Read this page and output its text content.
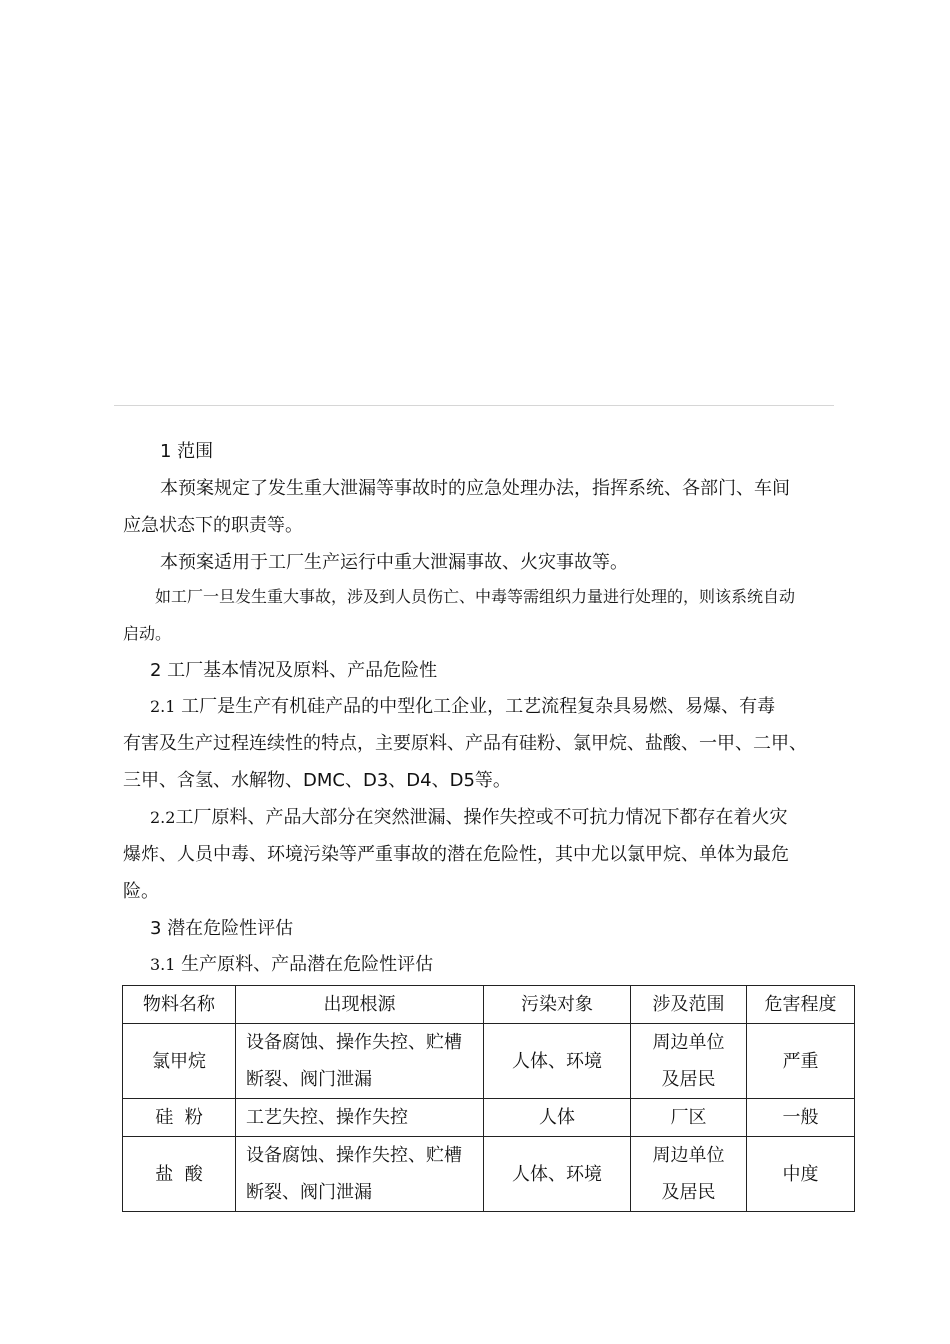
1 范围
本预案规定了发生重大泄漏等事故时的应急处理办法，指挥系统、各部门、车间
应急状态下的职责等。
本预案适用于工厂生产运行中重大泄漏事故、火灾事故等。
如工厂一旦发生重大事故，涉及到人员伤亡、中毒等需组织力量进行处理的，则该系统自动
启动。
2 工厂基本情况及原料、产品危险性
2.1 工厂是生产有机硅产品的中型化工企业，工艺流程复杂具易燃、易爆、有毒
有害及生产过程连续性的特点，主要原料、产品有硅粉、氯甲烷、盐酸、一甲、二甲、
三甲、含氢、水解物、DMC、D3、D4、D5等。
2.2工厂原料、产品大部分在突然泄漏、操作失控或不可抗力情况下都存在着火灾
爆炸、人员中毒、环境污染等严重事故的潜在危险性，其中尤以氯甲烷、单体为最危
险。
3 潜在危险性评估
3.1 生产原料、产品潜在危险性评估
物料名称	出现根源	污染对象	涉及范围	危害程度
氯甲烷	设备腐蚀、操作失控、贮槽
断裂、阀门泄漏	人体、环境	周边单位
及居民	严重
硅  粉	工艺失控、操作失控	人体	厂区	一般
盐  酸	设备腐蚀、操作失控、贮槽
断裂、阀门泄漏	人体、环境	周边单位
及居民	中度
